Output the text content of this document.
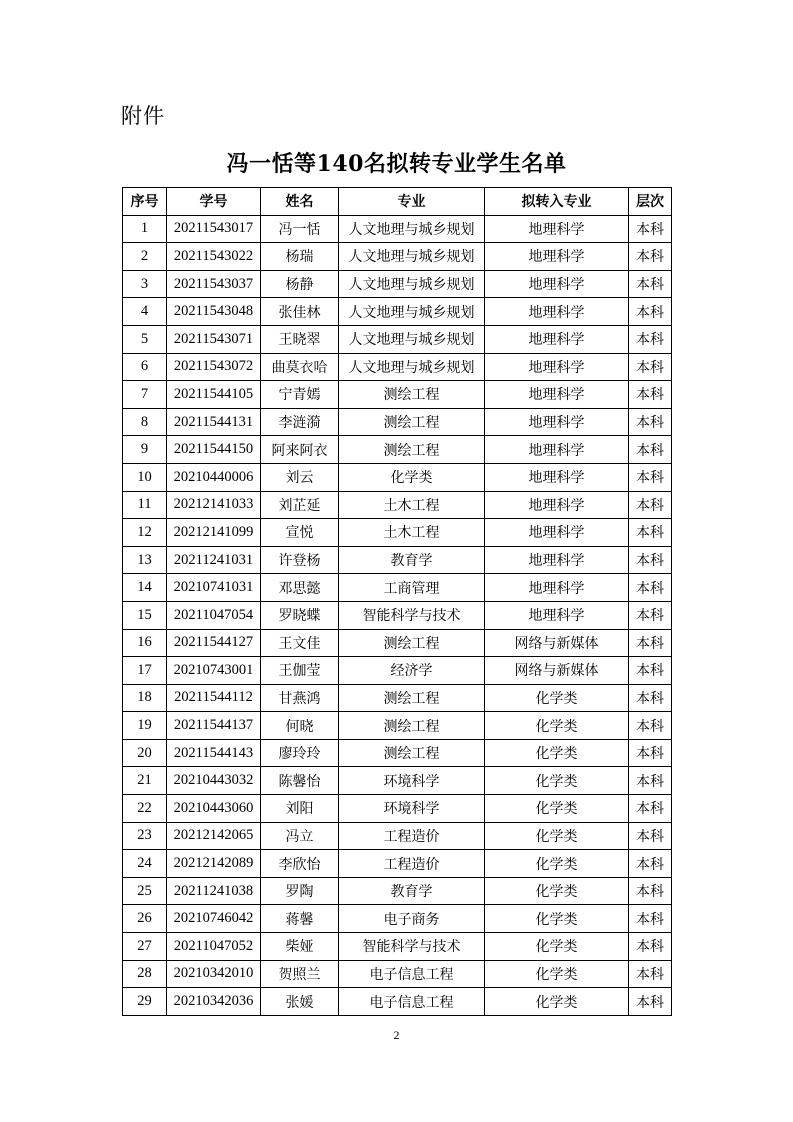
附件
冯一恬等140名拟转专业学生名单
序号	学号	姓名	专业	拟转入专业	层次
1	20211543017	冯一恬	人文地理与城乡规划	地理科学	本科
2	20211543022	杨瑞	人文地理与城乡规划	地理科学	本科
3	20211543037	杨静	人文地理与城乡规划	地理科学	本科
4	20211543048	张佳林	人文地理与城乡规划	地理科学	本科
5	20211543071	王晓翠	人文地理与城乡规划	地理科学	本科
6	20211543072	曲莫衣哈	人文地理与城乡规划	地理科学	本科
7	20211544105	宁青嫣	测绘工程	地理科学	本科
8	20211544131	李涟漪	测绘工程	地理科学	本科
9	20211544150	阿来阿衣	测绘工程	地理科学	本科
10	20210440006	刘云	化学类	地理科学	本科
11	20212141033	刘芷延	土木工程	地理科学	本科
12	20212141099	宣悦	土木工程	地理科学	本科
13	20211241031	许登杨	教育学	地理科学	本科
14	20210741031	邓思懿	工商管理	地理科学	本科
15	20211047054	罗晓蝶	智能科学与技术	地理科学	本科
16	20211544127	王文佳	测绘工程	网络与新媒体	本科
17	20210743001	王伽莹	经济学	网络与新媒体	本科
18	20211544112	甘燕鸿	测绘工程	化学类	本科
19	20211544137	何晓	测绘工程	化学类	本科
20	20211544143	廖玲玲	测绘工程	化学类	本科
21	20210443032	陈馨怡	环境科学	化学类	本科
22	20210443060	刘阳	环境科学	化学类	本科
23	20212142065	冯立	工程造价	化学类	本科
24	20212142089	李欣怡	工程造价	化学类	本科
25	20211241038	罗陶	教育学	化学类	本科
26	20210746042	蒋馨	电子商务	化学类	本科
27	20211047052	柴娅	智能科学与技术	化学类	本科
28	20210342010	贺照兰	电子信息工程	化学类	本科
29	20210342036	张媛	电子信息工程	化学类	本科
2
